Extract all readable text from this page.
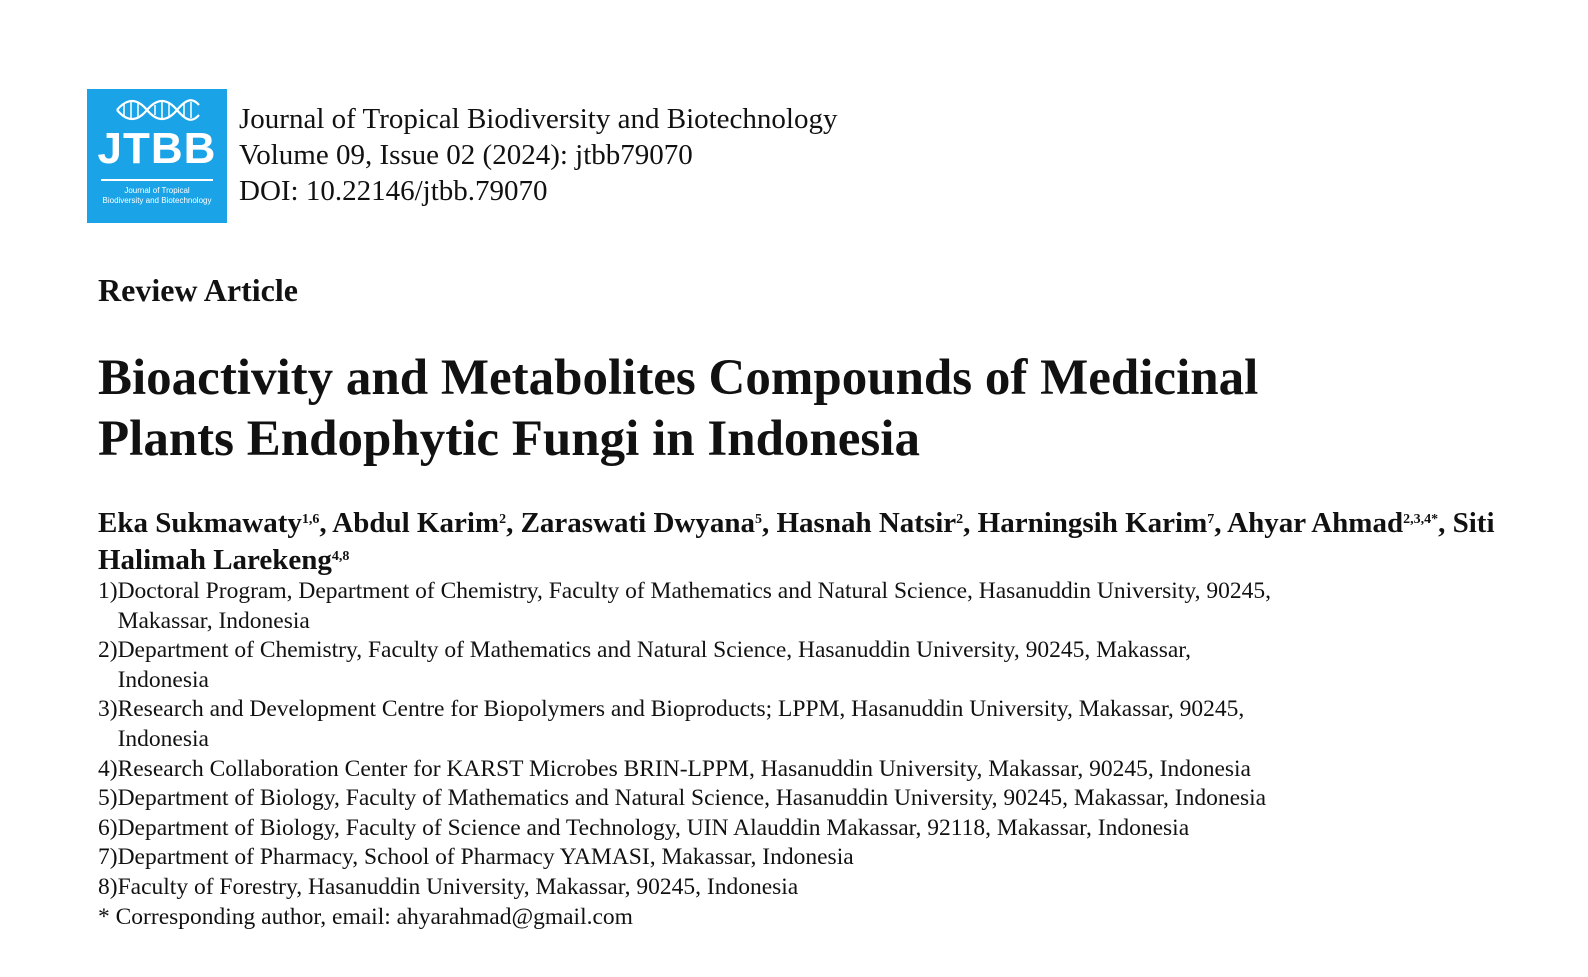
JTBB
Journal of Tropical
Biodiversity and Biotechnology
Journal of Tropical Biodiversity and Biotechnology
Volume 09, Issue 02 (2024): jtbb79070
DOI: 10.22146/jtbb.79070
Review Article
Bioactivity and Metabolites Compounds of Medicinal
Plants Endophytic Fungi in Indonesia
Eka Sukmawaty$^{1,6}$, Abdul Karim$^2$, Zaraswati Dwyana$^5$, Hasnah Natsir$^2$, Harningsih Karim$^7$, Ahyar Ahmad$^{2,3,4*}$, Siti Halimah Larekeng$^{4,8}$
1) Doctoral Program, Department of Chemistry, Faculty of Mathematics and Natural Science, Hasanuddin University, 90245,
Makassar, Indonesia
2) Department of Chemistry, Faculty of Mathematics and Natural Science, Hasanuddin University, 90245, Makassar,
Indonesia
3) Research and Development Centre for Biopolymers and Bioproducts; LPPM, Hasanuddin University, Makassar, 90245,
Indonesia
4) Research Collaboration Center for KARST Microbes BRIN-LPPM, Hasanuddin University, Makassar, 90245, Indonesia
5) Department of Biology, Faculty of Mathematics and Natural Science, Hasanuddin University, 90245, Makassar, Indonesia
6) Department of Biology, Faculty of Science and Technology, UIN Alauddin Makassar, 92118, Makassar, Indonesia
7) Department of Pharmacy, School of Pharmacy YAMASI, Makassar, Indonesia
8) Faculty of Forestry, Hasanuddin University, Makassar, 90245, Indonesia
* Corresponding author, email: ahyarahmad@gmail.com
